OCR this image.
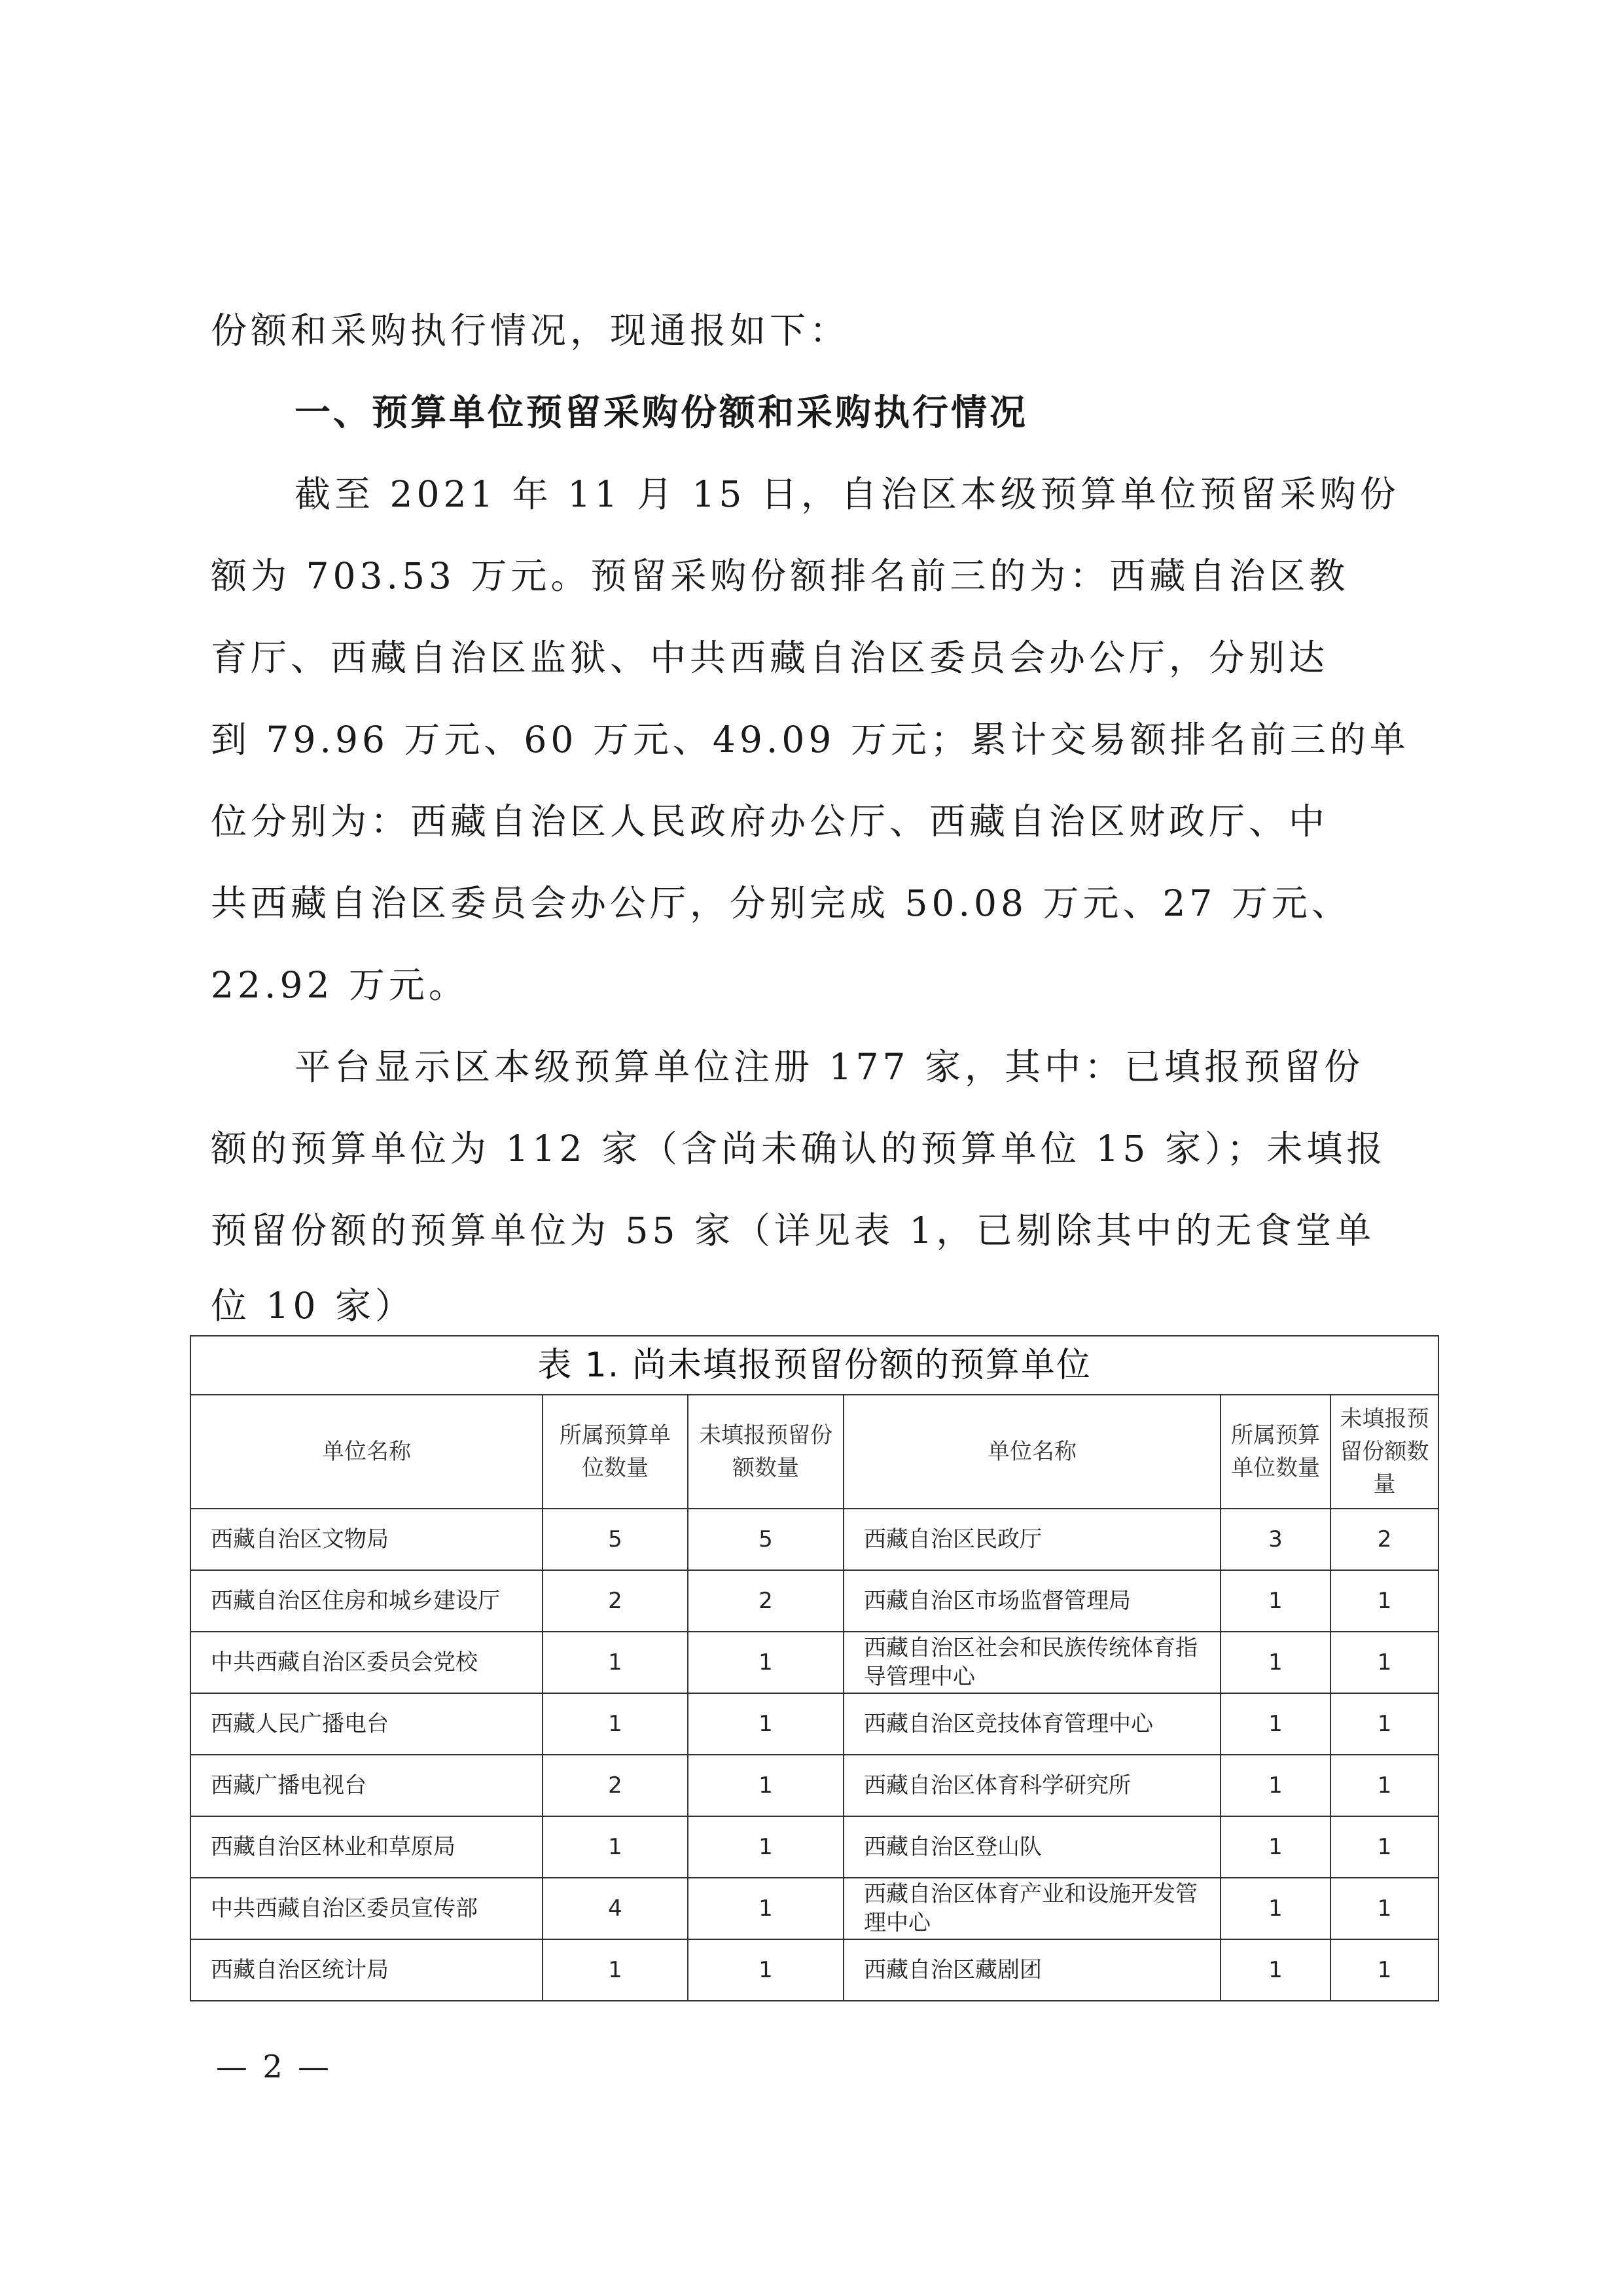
份额和采购执行情况，现通报如下：
一、预算单位预留采购份额和采购执行情况
截至 2021 年 11 月 15 日，自治区本级预算单位预留采购份
额为 703.53 万元。预留采购份额排名前三的为：西藏自治区教
育厅、西藏自治区监狱、中共西藏自治区委员会办公厅，分别达
到 79.96 万元、60 万元、49.09 万元；累计交易额排名前三的单
位分别为：西藏自治区人民政府办公厅、西藏自治区财政厅、中
共西藏自治区委员会办公厅，分别完成 50.08 万元、27 万元、
22.92 万元。
平台显示区本级预算单位注册 177 家，其中：已填报预留份
额的预算单位为 112 家（含尚未确认的预算单位 15 家）；未填报
预留份额的预算单位为 55 家（详见表 1，已剔除其中的无食堂单
位 10 家）
表 1. 尚未填报预留份额的预算单位					
单位名称	所属预算单位数量	未填报预留份额数量	单位名称	所属预算单位数量	未填报预留份额数量
西藏自治区文物局	5	5	西藏自治区民政厅	3	2
西藏自治区住房和城乡建设厅	2	2	西藏自治区市场监督管理局	1	1
中共西藏自治区委员会党校	1	1	西藏自治区社会和民族传统体育指导管理中心	1	1
西藏人民广播电台	1	1	西藏自治区竞技体育管理中心	1	1
西藏广播电视台	2	1	西藏自治区体育科学研究所	1	1
西藏自治区林业和草原局	1	1	西藏自治区登山队	1	1
中共西藏自治区委员宣传部	4	1	西藏自治区体育产业和设施开发管理中心	1	1
西藏自治区统计局	1	1	西藏自治区藏剧团	1	1
— 2 —
